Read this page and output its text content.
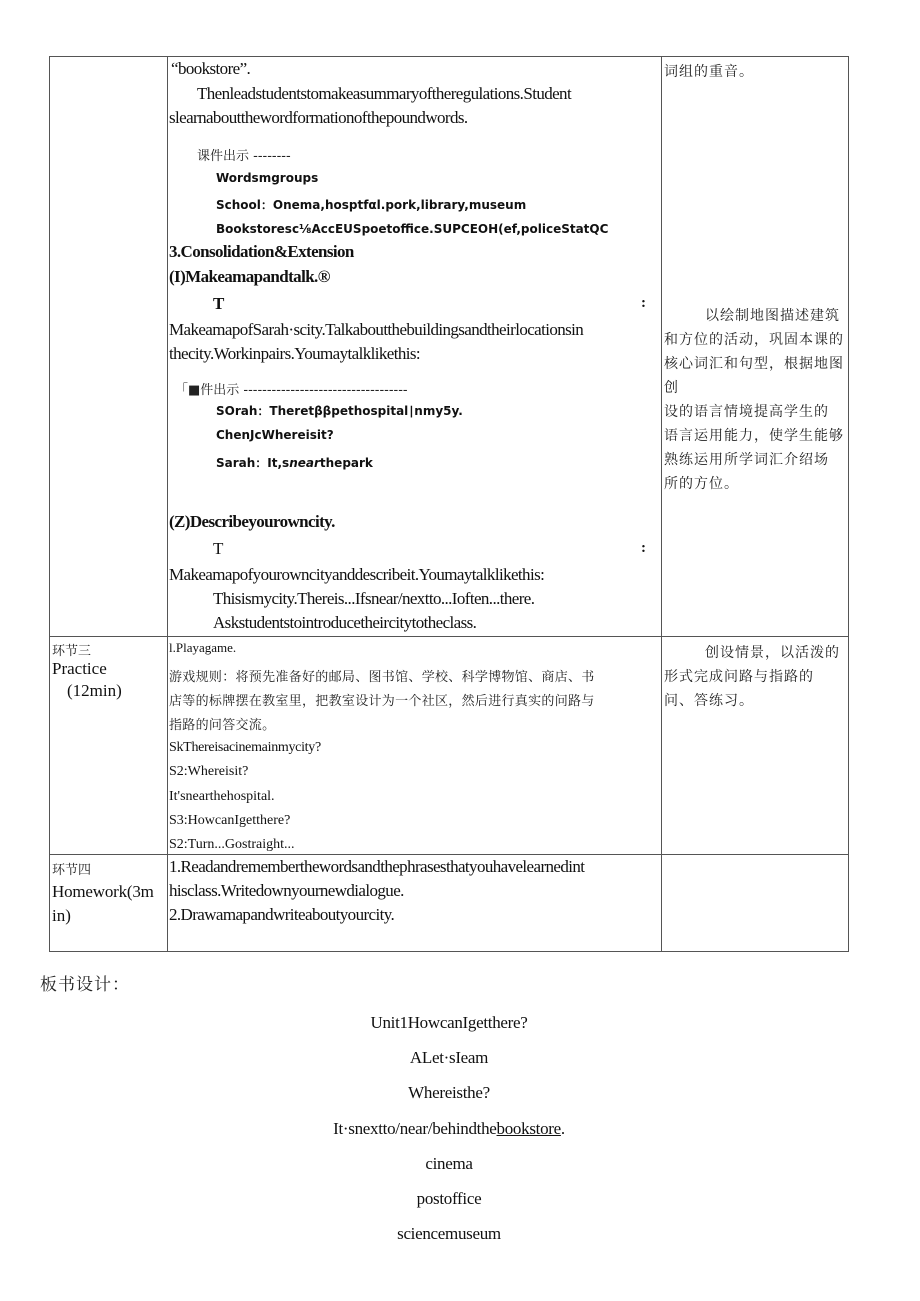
“bookstore”.
Thenleadstudentstomakeasummaryoftheregulations.Student
slearnaboutthewordformationofthepoundwords.
课件出示 --------
Wordsmgroups
School：Onema,hosptfαl.pork,library,museum
Bookstoresc⅛AccEUSpoetoffice.SUPCEOH(ef,policeStatQC
3.Consolidation&Extension
(I)Makeamapandtalk.®
T	:
MakeamapofSarah·scity.Talkaboutthebuildingsandtheirlocationsin
thecity.Workinpairs.Youmaytalklikethis:
「■件出示 -----------------------------------
SOrah：Theretββpethospital∣nmy5y.
ChenJcWhereisit?
Sarah：It,snearthepark
(Z)Describeyourowncity.
T	:
Makeamapofyourowncityanddescribeit.Youmaytalklikethis:
Thisismycity.Thereis...Ifsnear/nextto...Ioften...there.
Askstudentstointroducetheircitytotheclass.
词组的重音。
以绘制地图描述建筑
和方位的活动，巩固本课的
核心词汇和句型，根据地图
创
设的语言情境提高学生的
语言运用能力，使学生能够
熟练运用所学词汇介绍场
所的方位。
环节三
Practice
(12min)
l.Playagame.
游戏规则：将预先准备好的邮局、图书馆、学校、科学博物馆、商店、书
店等的标牌摆在教室里，把教室设计为一个社区，然后进行真实的问路与
指路的问答交流。
SkThereisacinemainmycity?
S2:Whereisit?
It'snearthehospital.
S3:HowcanIgetthere?
S2:Turn...Gostraight...
创设情景，以活泼的
形式完成问路与指路的
问、答练习。
环节四
Homework(3m
in)
1.Readandrememberthewordsandthephrasesthatyouhavelearnedint
hisclass.Writedownyournewdialogue.
2.Drawamapandwriteaboutyourcity.
板书设计：
Unit1HowcanIgetthere?
ALet·sIeam
Whereisthe?
It·snextto/near/behindthebookstore.
cinema
postoffice
sciencemuseum
